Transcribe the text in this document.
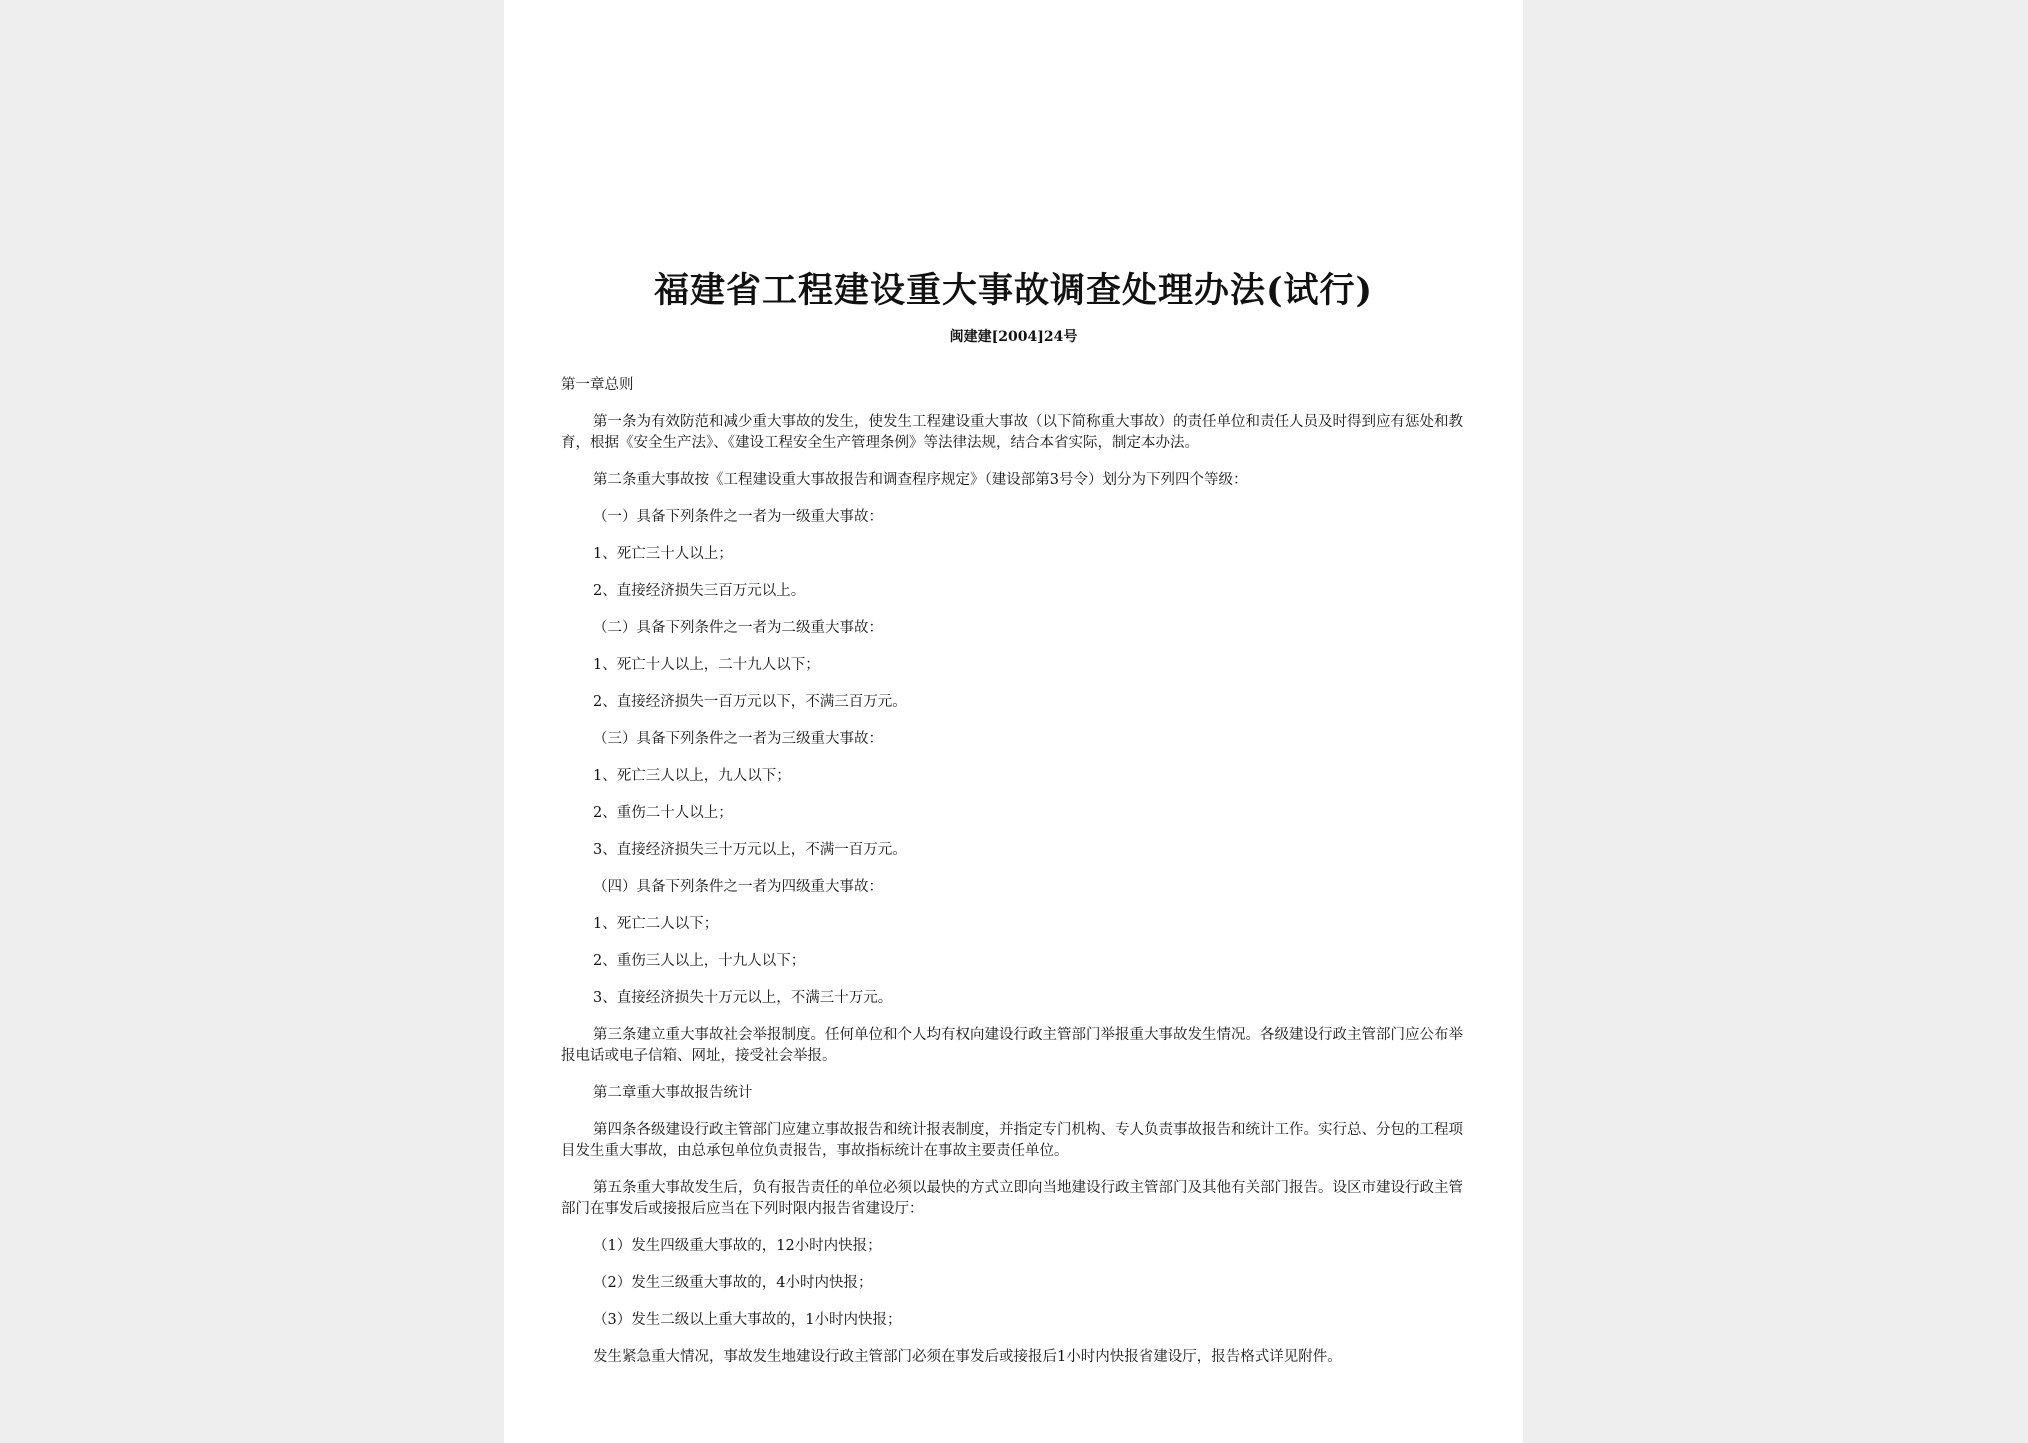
福建省工程建设重大事故调查处理办法(试行)
闽建建[2004]24号

第一章总则

第一条为有效防范和减少重大事故的发生，使发生工程建设重大事故（以下简称重大事故）的责任单位和责任人员及时得到应有惩处和教育，根据《安全生产法》、《建设工程安全生产管理条例》等法律法规，结合本省实际，制定本办法。

第二条重大事故按《工程建设重大事故报告和调查程序规定》（建设部第3号令）划分为下列四个等级：

（一）具备下列条件之一者为一级重大事故：

1、死亡三十人以上；

2、直接经济损失三百万元以上。

（二）具备下列条件之一者为二级重大事故：

1、死亡十人以上，二十九人以下；

2、直接经济损失一百万元以下，不满三百万元。

（三）具备下列条件之一者为三级重大事故：

1、死亡三人以上，九人以下；

2、重伤二十人以上；

3、直接经济损失三十万元以上，不满一百万元。

（四）具备下列条件之一者为四级重大事故：

1、死亡二人以下；

2、重伤三人以上，十九人以下；

3、直接经济损失十万元以上，不满三十万元。

第三条建立重大事故社会举报制度。任何单位和个人均有权向建设行政主管部门举报重大事故发生情况。各级建设行政主管部门应公布举报电话或电子信箱、网址，接受社会举报。

第二章重大事故报告统计

第四条各级建设行政主管部门应建立事故报告和统计报表制度，并指定专门机构、专人负责事故报告和统计工作。实行总、分包的工程项目发生重大事故，由总承包单位负责报告，事故指标统计在事故主要责任单位。

第五条重大事故发生后，负有报告责任的单位必须以最快的方式立即向当地建设行政主管部门及其他有关部门报告。设区市建设行政主管部门在事发后或接报后应当在下列时限内报告省建设厅：

（1）发生四级重大事故的，12小时内快报；

（2）发生三级重大事故的，4小时内快报；

（3）发生二级以上重大事故的，1小时内快报；

发生紧急重大情况，事故发生地建设行政主管部门必须在事发后或接报后1小时内快报省建设厅，报告格式详见附件。
